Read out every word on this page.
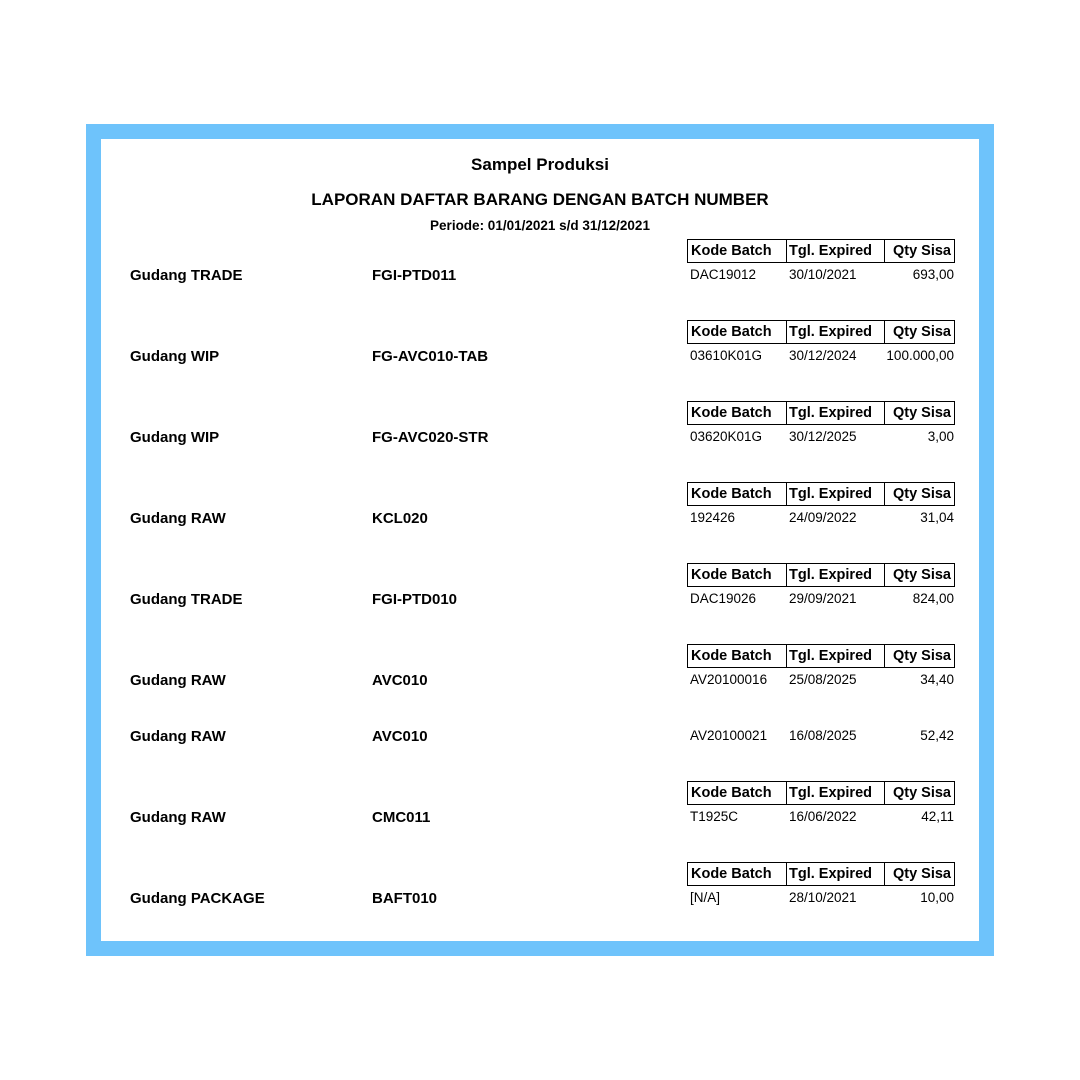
Sampel Produksi
LAPORAN DAFTAR BARANG DENGAN BATCH NUMBER
Periode: 01/01/2021 s/d 31/12/2021
Kode Batch	Tgl. Expired	Qty Sisa
Gudang TRADE	FGI-PTD011	DAC19012 30/10/2021	693,00
Kode Batch	Tgl. Expired	Qty Sisa
Gudang WIP	FG-AVC010-TAB	03610K01G 30/12/2024	100.000,00
Kode Batch	Tgl. Expired	Qty Sisa
Gudang WIP	FG-AVC020-STR	03620K01G 30/12/2025	3,00
Kode Batch	Tgl. Expired	Qty Sisa
Gudang RAW	KCL020	192426	24/09/2022	31,04
Kode Batch	Tgl. Expired	Qty Sisa
Gudang TRADE	FGI-PTD010	DAC19026 29/09/2021	824,00
Kode Batch	Tgl. Expired	Qty Sisa
Gudang RAW	AVC010	AV20100016 25/08/2025	34,40
Gudang RAW	AVC010	AV20100021 16/08/2025	52,42
Kode Batch	Tgl. Expired	Qty Sisa
Gudang RAW	CMC011	T1925C	16/06/2022	42,11
Kode Batch	Tgl. Expired	Qty Sisa
Gudang PACKAGE	BAFT010	[N/A]	28/10/2021	10,00
